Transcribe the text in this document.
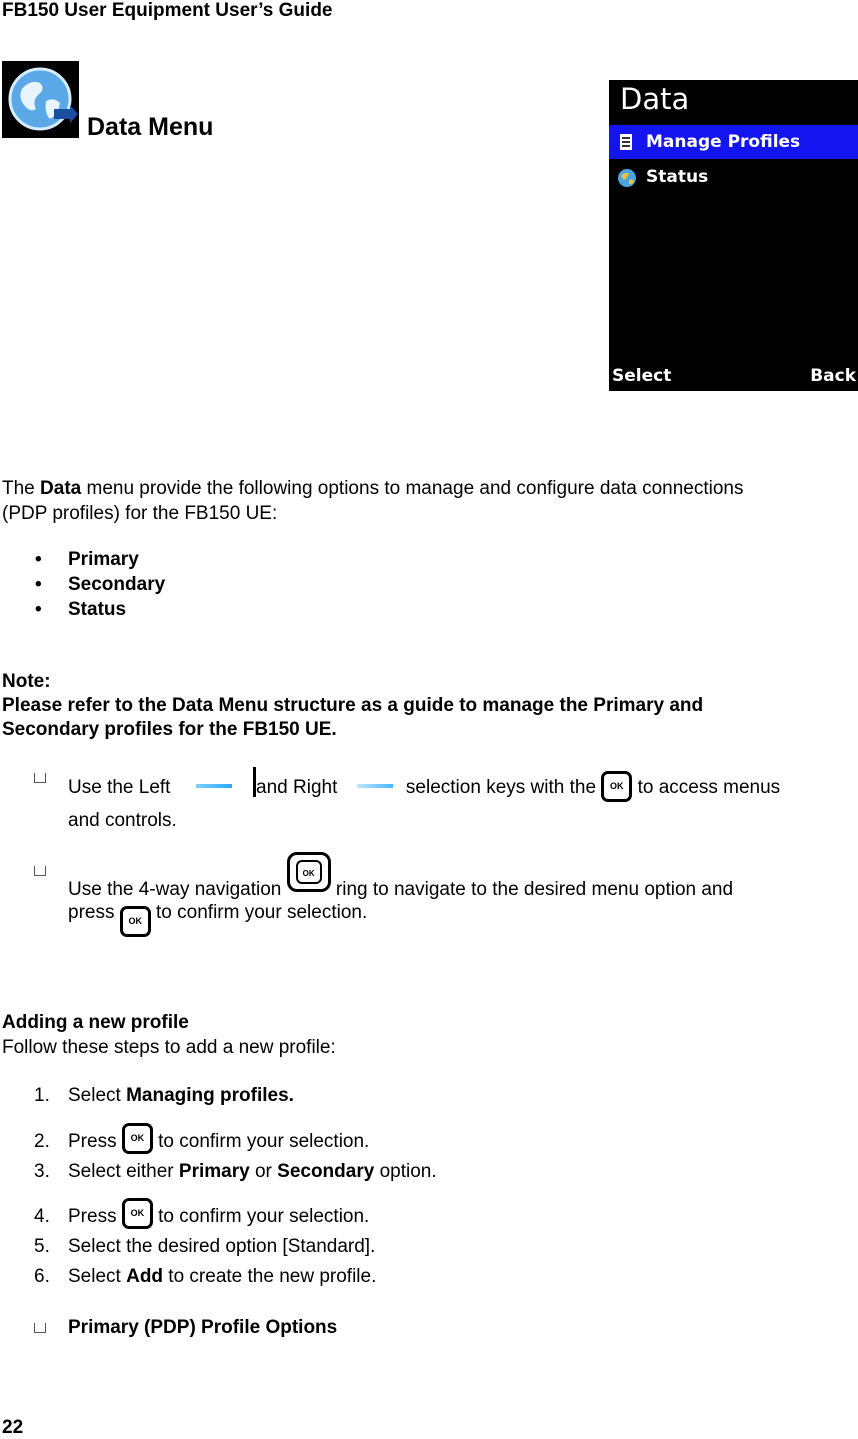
FB150 User Equipment User’s Guide
Data Menu
Data
Manage Profiles
Status
Select	Back
The Data menu provide the following options to manage and configure data connections
(PDP profiles) for the FB150 UE:
• Primary
• Secondary
• Status
Note:
Please refer to the Data Menu structure as a guide to manage the Primary and
Secondary profiles for the FB150 UE.
Use the Left	and Right	selection keys with the OK to access menus
and controls.
Use the 4-way navigation
OK
ring to navigate to the desired menu option and
press OK to confirm your selection.
Adding a new profile
Follow these steps to add a new profile:
1. Select Managing profiles.
2. Press OK to confirm your selection.
3. Select either Primary or Secondary option.
4. Press OK to confirm your selection.
5. Select the desired option [Standard].
6. Select Add to create the new profile.
Primary (PDP) Profile Options
22
